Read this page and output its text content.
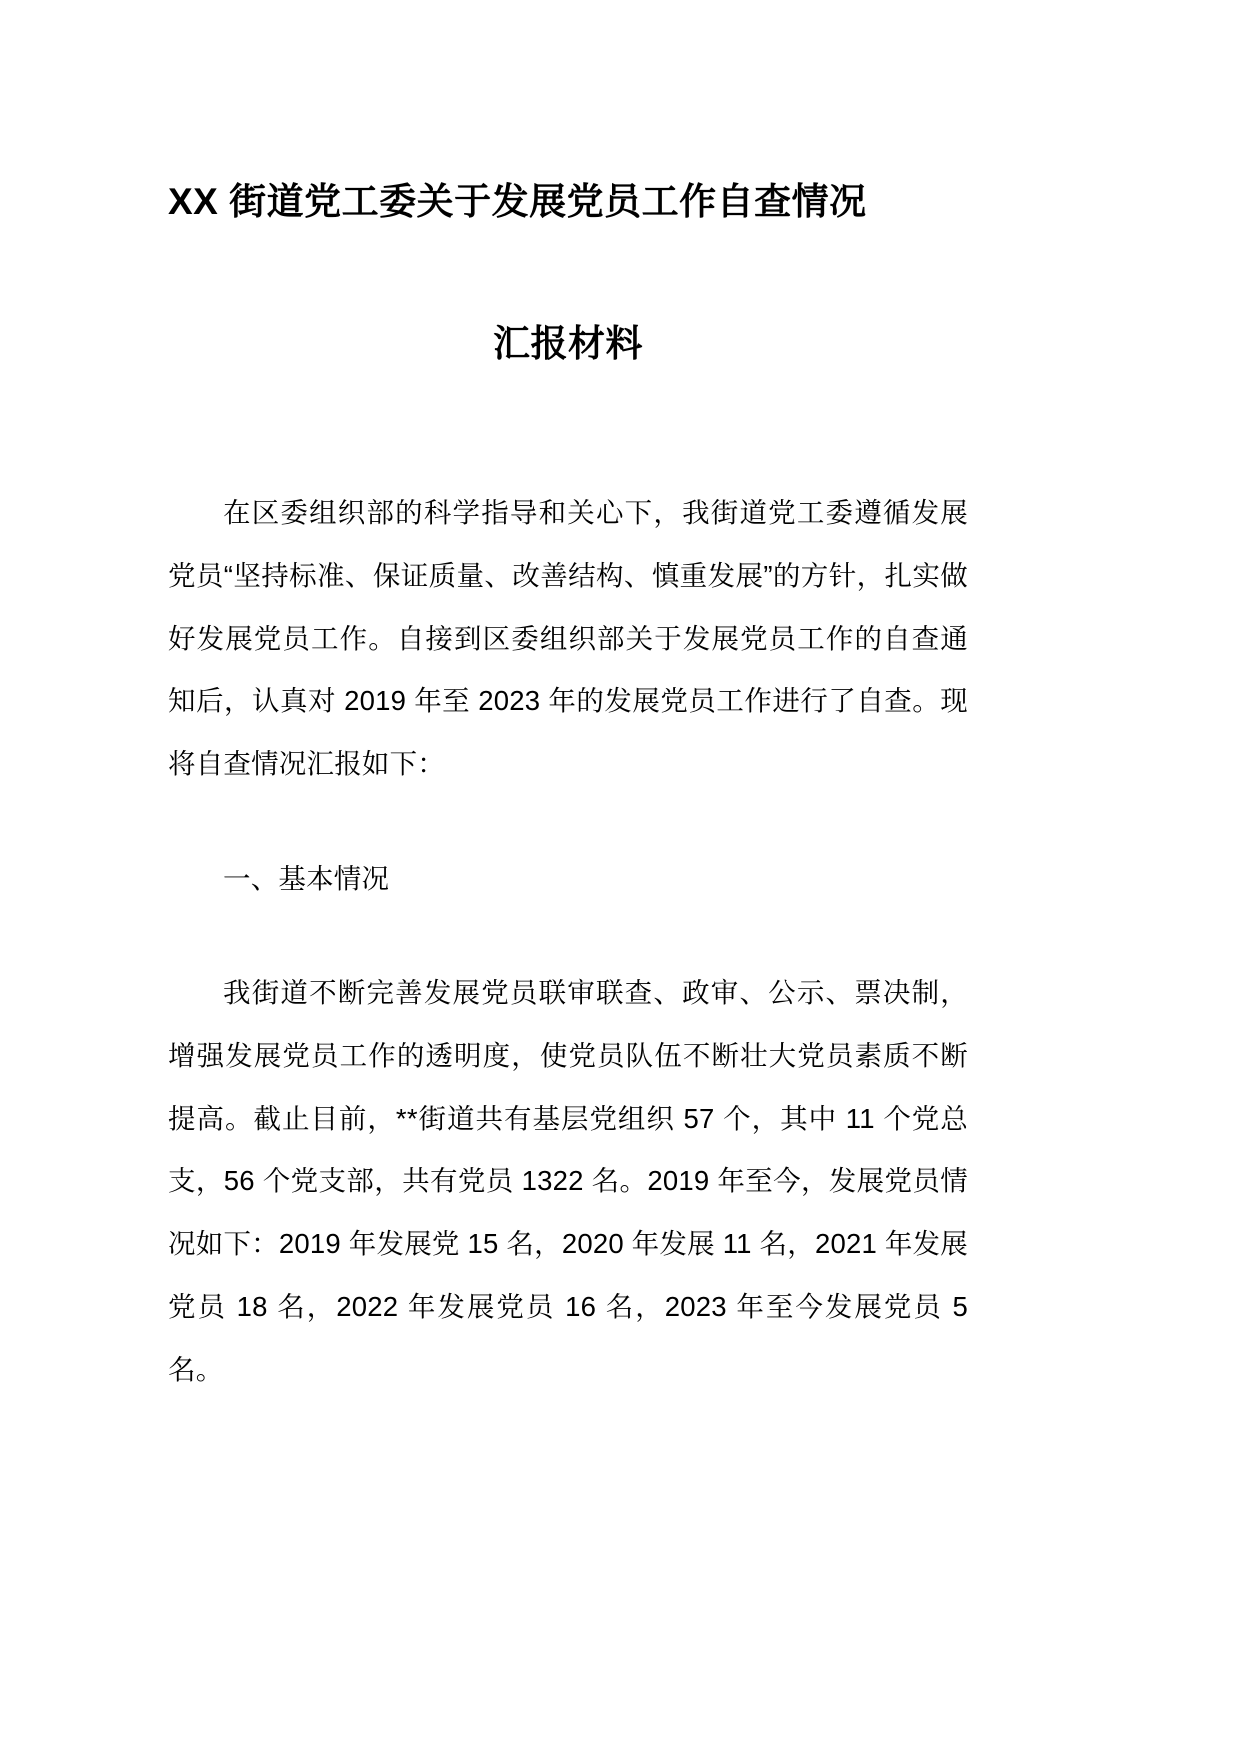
XX 街道党工委关于发展党员工作自查情况
汇报材料

在区委组织部的科学指导和关心下，我街道党工委遵循发展党员“坚持标准、保证质量、改善结构、慎重发展”的方针，扎实做好发展党员工作。自接到区委组织部关于发展党员工作的自查通知后，认真对 2019 年至 2023 年的发展党员工作进行了自查。现将自查情况汇报如下：

一、基本情况

我街道不断完善发展党员联审联查、政审、公示、票决制，增强发展党员工作的透明度，使党员队伍不断壮大党员素质不断提高。截止目前，**街道共有基层党组织 57 个，其中 11 个党总支，56 个党支部，共有党员 1322 名。2019 年至今，发展党员情况如下：2019 年发展党 15 名，2020 年发展 11 名，2021 年发展党员 18 名，2022 年发展党员 16 名，2023 年至今发展党员 5 名。
